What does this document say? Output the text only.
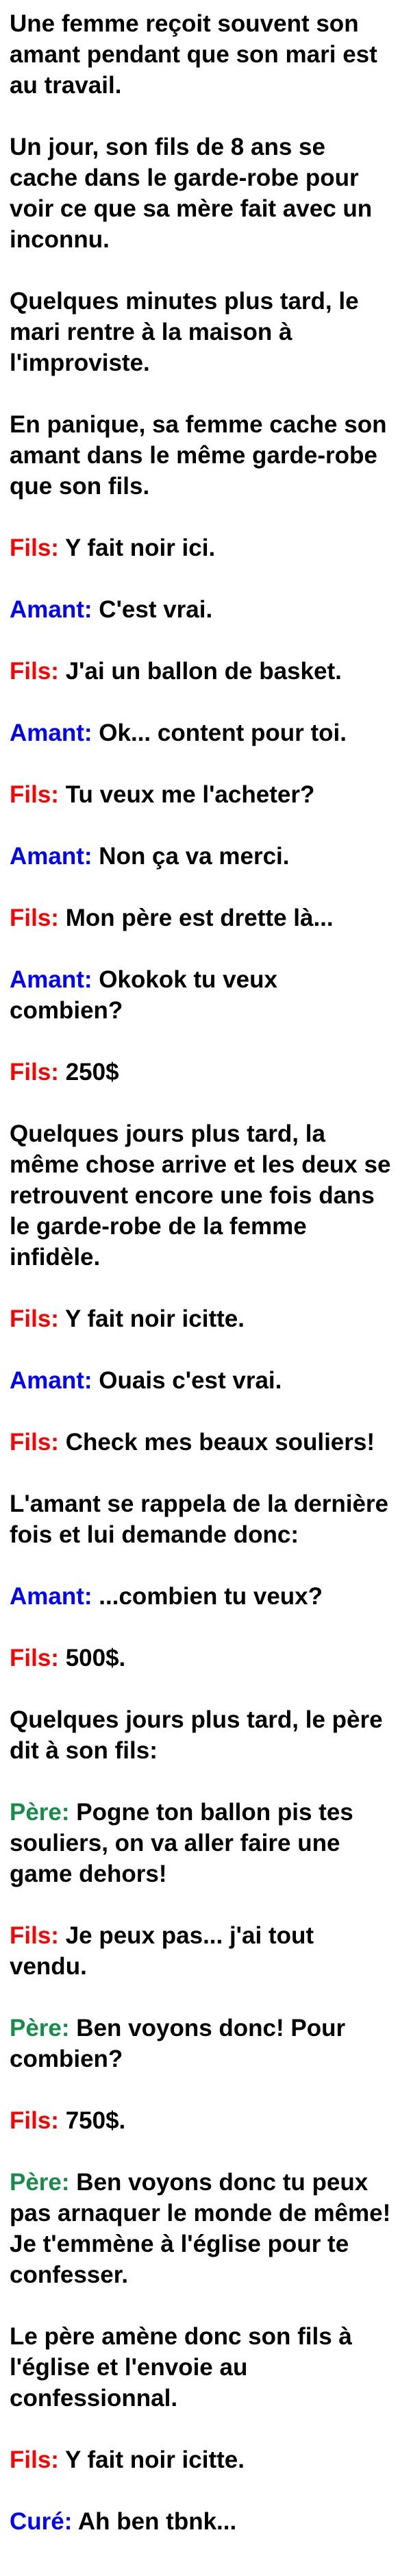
Une femme reçoit souvent son amant pendant que son mari est au travail.

Un jour, son fils de 8 ans se cache dans le garde-robe pour voir ce que sa mère fait avec un inconnu.

Quelques minutes plus tard, le mari rentre à la maison à l'improviste.

En panique, sa femme cache son amant dans le même garde-robe que son fils.

Fils: Y fait noir ici.

Amant: C'est vrai.

Fils: J'ai un ballon de basket.

Amant: Ok... content pour toi.

Fils: Tu veux me l'acheter?

Amant: Non ça va merci.

Fils: Mon père est drette là...

Amant: Okokok tu veux combien?

Fils: 250$

Quelques jours plus tard, la même chose arrive et les deux se retrouvent encore une fois dans le garde-robe de la femme infidèle.

Fils: Y fait noir icitte.

Amant: Ouais c'est vrai.

Fils: Check mes beaux souliers!

L'amant se rappela de la dernière fois et lui demande donc:

Amant: ...combien tu veux?

Fils: 500$.

Quelques jours plus tard, le père dit à son fils:

Père: Pogne ton ballon pis tes souliers, on va aller faire une game dehors!

Fils: Je peux pas... j'ai tout vendu.

Père: Ben voyons donc! Pour combien?

Fils: 750$.

Père: Ben voyons donc tu peux pas arnaquer le monde de même! Je t'emmène à l'église pour te confesser.

Le père amène donc son fils à l'église et l'envoie au confessionnal.

Fils: Y fait noir icitte.

Curé: Ah ben tbnk...
